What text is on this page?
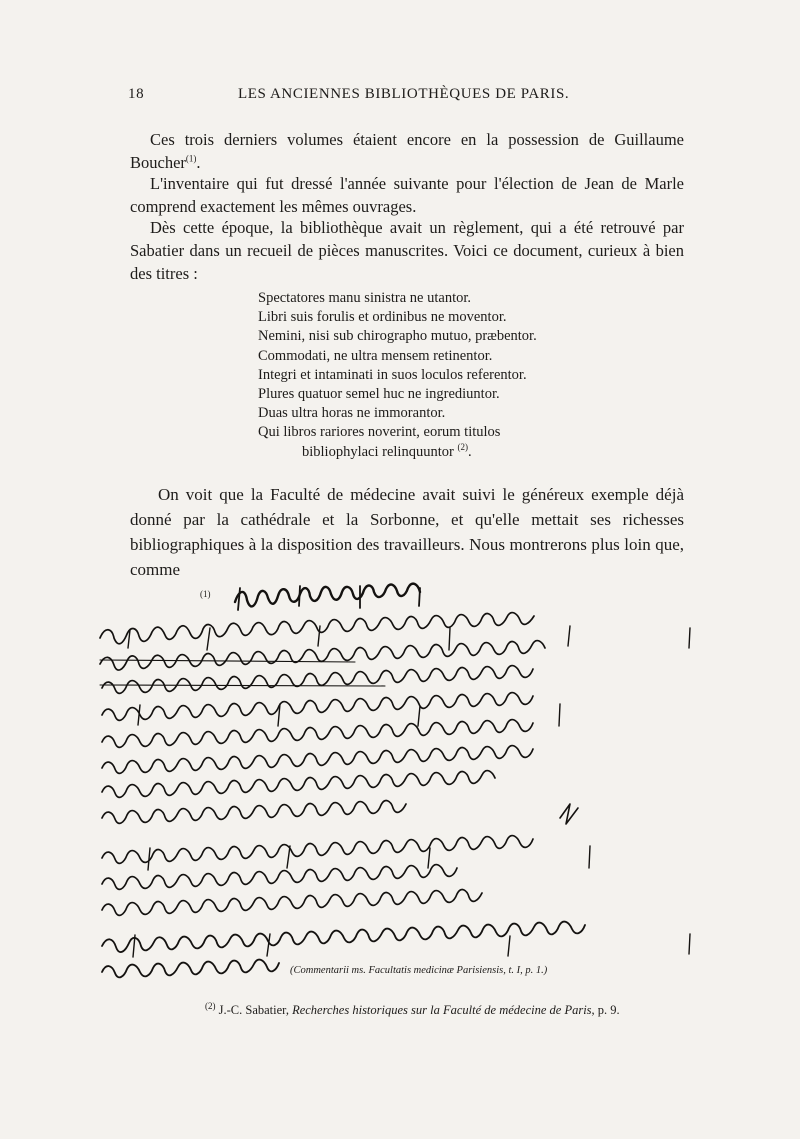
18	LES ANCIENNES BIBLIOTHÈQUES DE PARIS.
Ces trois derniers volumes étaient encore en la possession de Guillaume Boucher$^{(1)}$.
L'inventaire qui fut dressé l'année suivante pour l'élection de Jean de Marle comprend exactement les mêmes ouvrages.
Dès cette époque, la bibliothèque avait un règlement, qui a été retrouvé par Sabatier dans un recueil de pièces manuscrites. Voici ce document, curieux à bien des titres :
Spectatores manu sinistra ne utantor.
Libri suis forulis et ordinibus ne moventor.
Nemini, nisi sub chirographo mutuo, præbentor.
Commodati, ne ultra mensem retinentor.
Integri et intaminati in suos loculos referentor.
Plures quatuor semel huc ne ingrediuntor.
Duas ultra horas ne immorantor.
Qui libros rariores noverint, eorum titulos
bibliophylaci relinquuntor $^{(2)}$.
On voit que la Faculté de médecine avait suivi le généreux exemple déjà donné par la cathédrale et la Sorbonne, et qu'elle mettait ses richesses bibliographiques à la disposition des travailleurs. Nous montrerons plus loin que, comme
(1)
(Commentarii ms. Facultatis medicinæ Parisiensis, t. I, p. 1.)
$^{(2)}$ J.-C. Sabatier, Recherches historiques sur la Faculté de médecine de Paris, p. 9.
